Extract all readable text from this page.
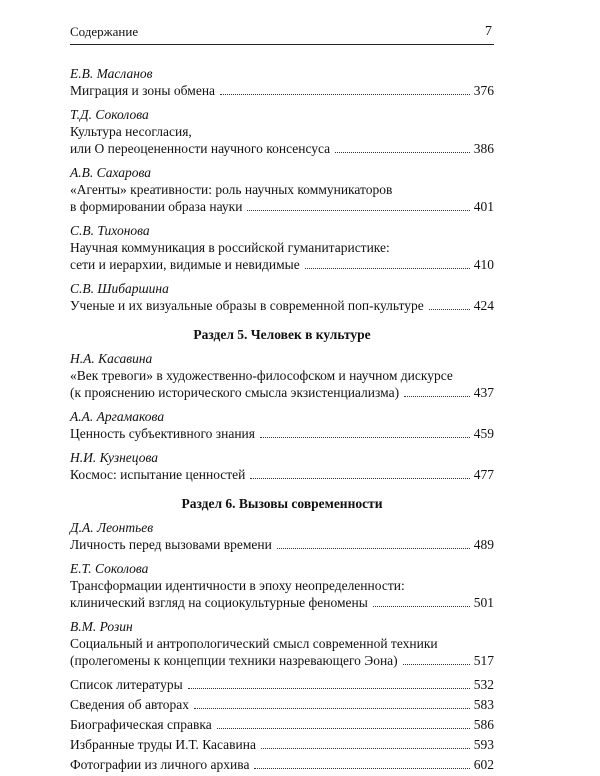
Содержание	7
Е.В. Масланов
Миграция и зоны обмена	376
Т.Д. Соколова
Культура несогласия,
или О переоцененности научного консенсуса	386
А.В. Сахарова
«Агенты» креативности: роль научных коммуникаторов
в формировании образа науки	401
С.В. Тихонова
Научная коммуникация в российской гуманитаристике:
сети и иерархии, видимые и невидимые	410
С.В. Шибаршина
Ученые и их визуальные образы в современной поп-культуре	424
Раздел 5. Человек в культуре
Н.А. Касавина
«Век тревоги» в художественно-философском и научном дискурсе
(к прояснению исторического смысла экзистенциализма)	437
А.А. Аргамакова
Ценность субъективного знания	459
Н.И. Кузнецова
Космос: испытание ценностей	477
Раздел 6. Вызовы современности
Д.А. Леонтьев
Личность перед вызовами времени	489
Е.Т. Соколова
Трансформации идентичности в эпоху неопределенности:
клинический взгляд на социокультурные феномены	501
В.М. Розин
Социальный и антропологический смысл современной техники
(пролегомены к концепции техники назревающего Эона)	517
Список литературы	532
Сведения об авторах	583
Биографическая справка	586
Избранные труды И.Т. Касавина	593
Фотографии из личного архива	602
